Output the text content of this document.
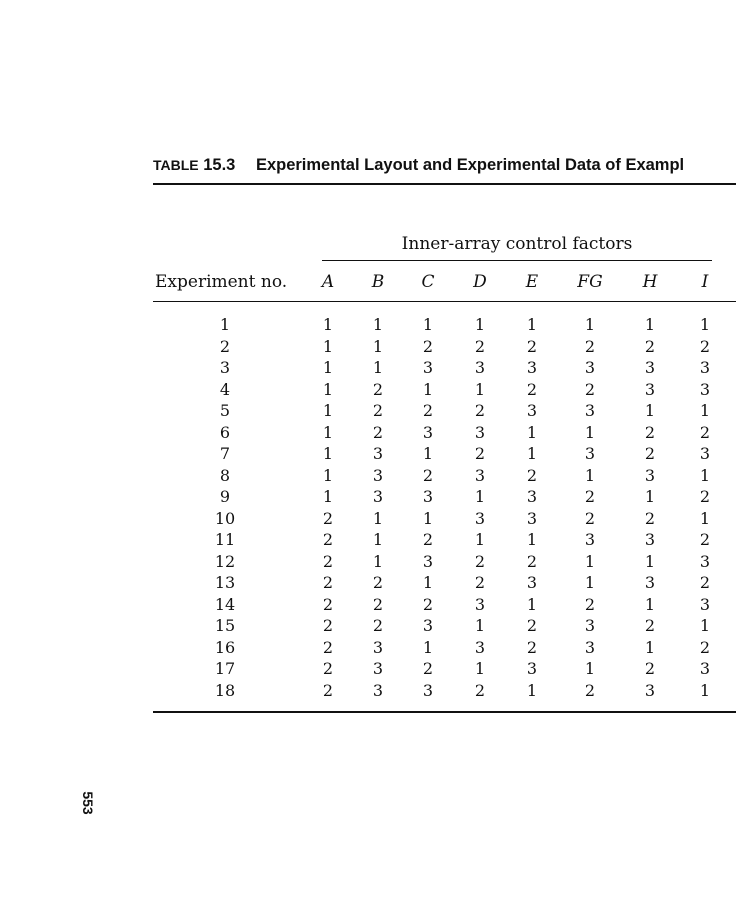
TABLE 15.3 Experimental Layout and Experimental Data of Exampl
Inner-array control factors
Experiment no. A B C D E FG H	I
1	1 1 1	1	1	1	1	1
2	1 1 2	2	2	2	2	2
3	1 1 3	3	3	3	3	3
4	1 2 1	1	2	2	3	3
5	1 2 2	2	3	3	1	1
6	1 2 3	3	1	1	2	2
7	1 3 1	2	1	3	2	3
8	1 3 2	3	2	1	3	1
9	1 3 3	1	3	2	1	2
10	2 1 1	3	3	2	2	1
11	2 1 2	1	1	3	3	2
12	2 1 3	2	2	1	1	3
13	2 2 1	2	3	1	3	2
14	2 2 2	3	1	2	1	3
15	2 2 3	1	2	3	2	1
16	2 3 1	3	2	3	1	2
17	2 3 2	1	3	1	2	3
18	2 3 3	2	1	2	3	1
553
